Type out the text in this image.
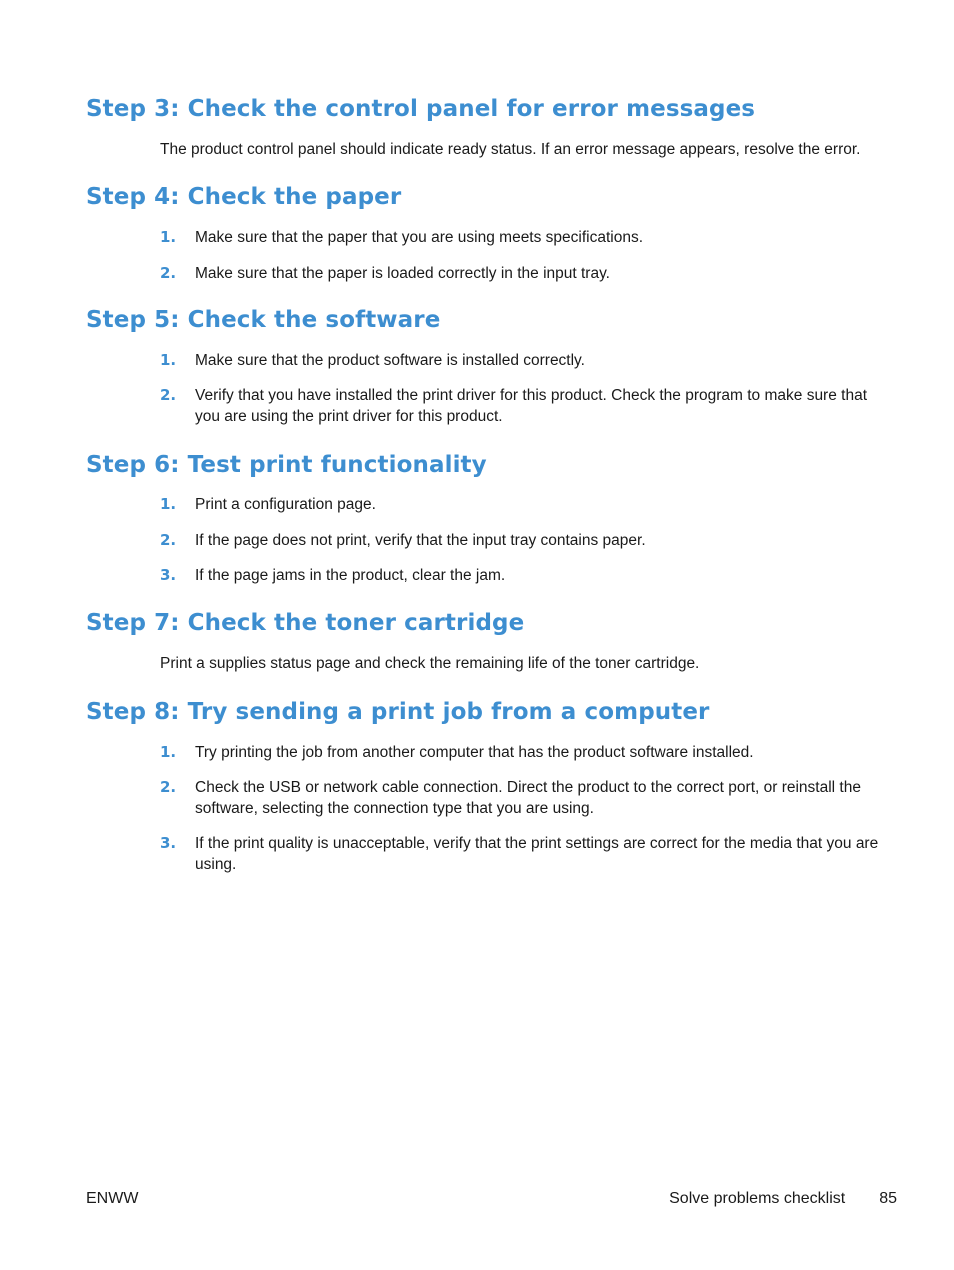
Step 3: Check the control panel for error messages

The product control panel should indicate ready status. If an error message appears, resolve the error.

Step 4: Check the paper
1. Make sure that the paper that you are using meets specifications.
2. Make sure that the paper is loaded correctly in the input tray.
Step 5: Check the software
1. Make sure that the product software is installed correctly.
2. Verify that you have installed the print driver for this product. Check the program to make sure that you are using the print driver for this product.
Step 6: Test print functionality
1. Print a configuration page.
2. If the page does not print, verify that the input tray contains paper.
3. If the page jams in the product, clear the jam.
Step 7: Check the toner cartridge

Print a supplies status page and check the remaining life of the toner cartridge.

Step 8: Try sending a print job from a computer
1. Try printing the job from another computer that has the product software installed.
2. Check the USB or network cable connection. Direct the product to the correct port, or reinstall the software, selecting the connection type that you are using.
3. If the print quality is unacceptable, verify that the print settings are correct for the media that you are using.
ENWW	Solve problems checklist 85
